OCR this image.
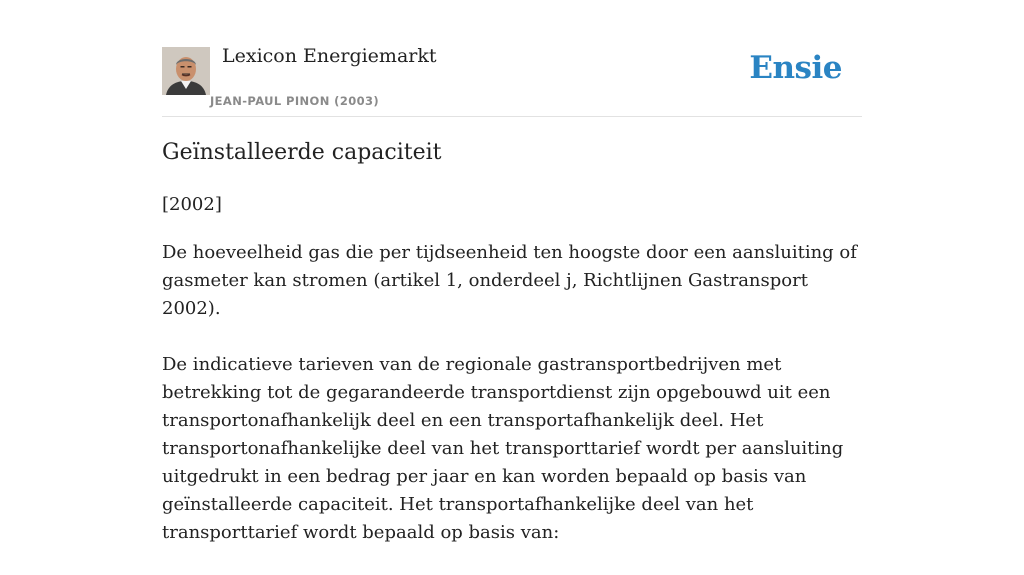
Lexicon Energiemarkt
JEAN-PAUL PINON (2003)
Ensie
Geïnstalleerde capaciteit
[2002]

De hoeveelheid gas die per tijdseenheid ten hoogste door een aansluiting of gasmeter kan stromen (artikel 1, onderdeel j, Richtlijnen Gastransport 2002).

De indicatieve tarieven van de regionale gastransportbedrijven met betrekking tot de gegarandeerde transportdienst zijn opgebouwd uit een transportonafhankelijk deel en een transportafhankelijk deel. Het transportonafhankelijke deel van het transporttarief wordt per aansluiting uitgedrukt in een bedrag per jaar en kan worden bepaald op basis van geïnstalleerde capaciteit. Het transportafhankelijke deel van het transporttarief wordt bepaald op basis van:
